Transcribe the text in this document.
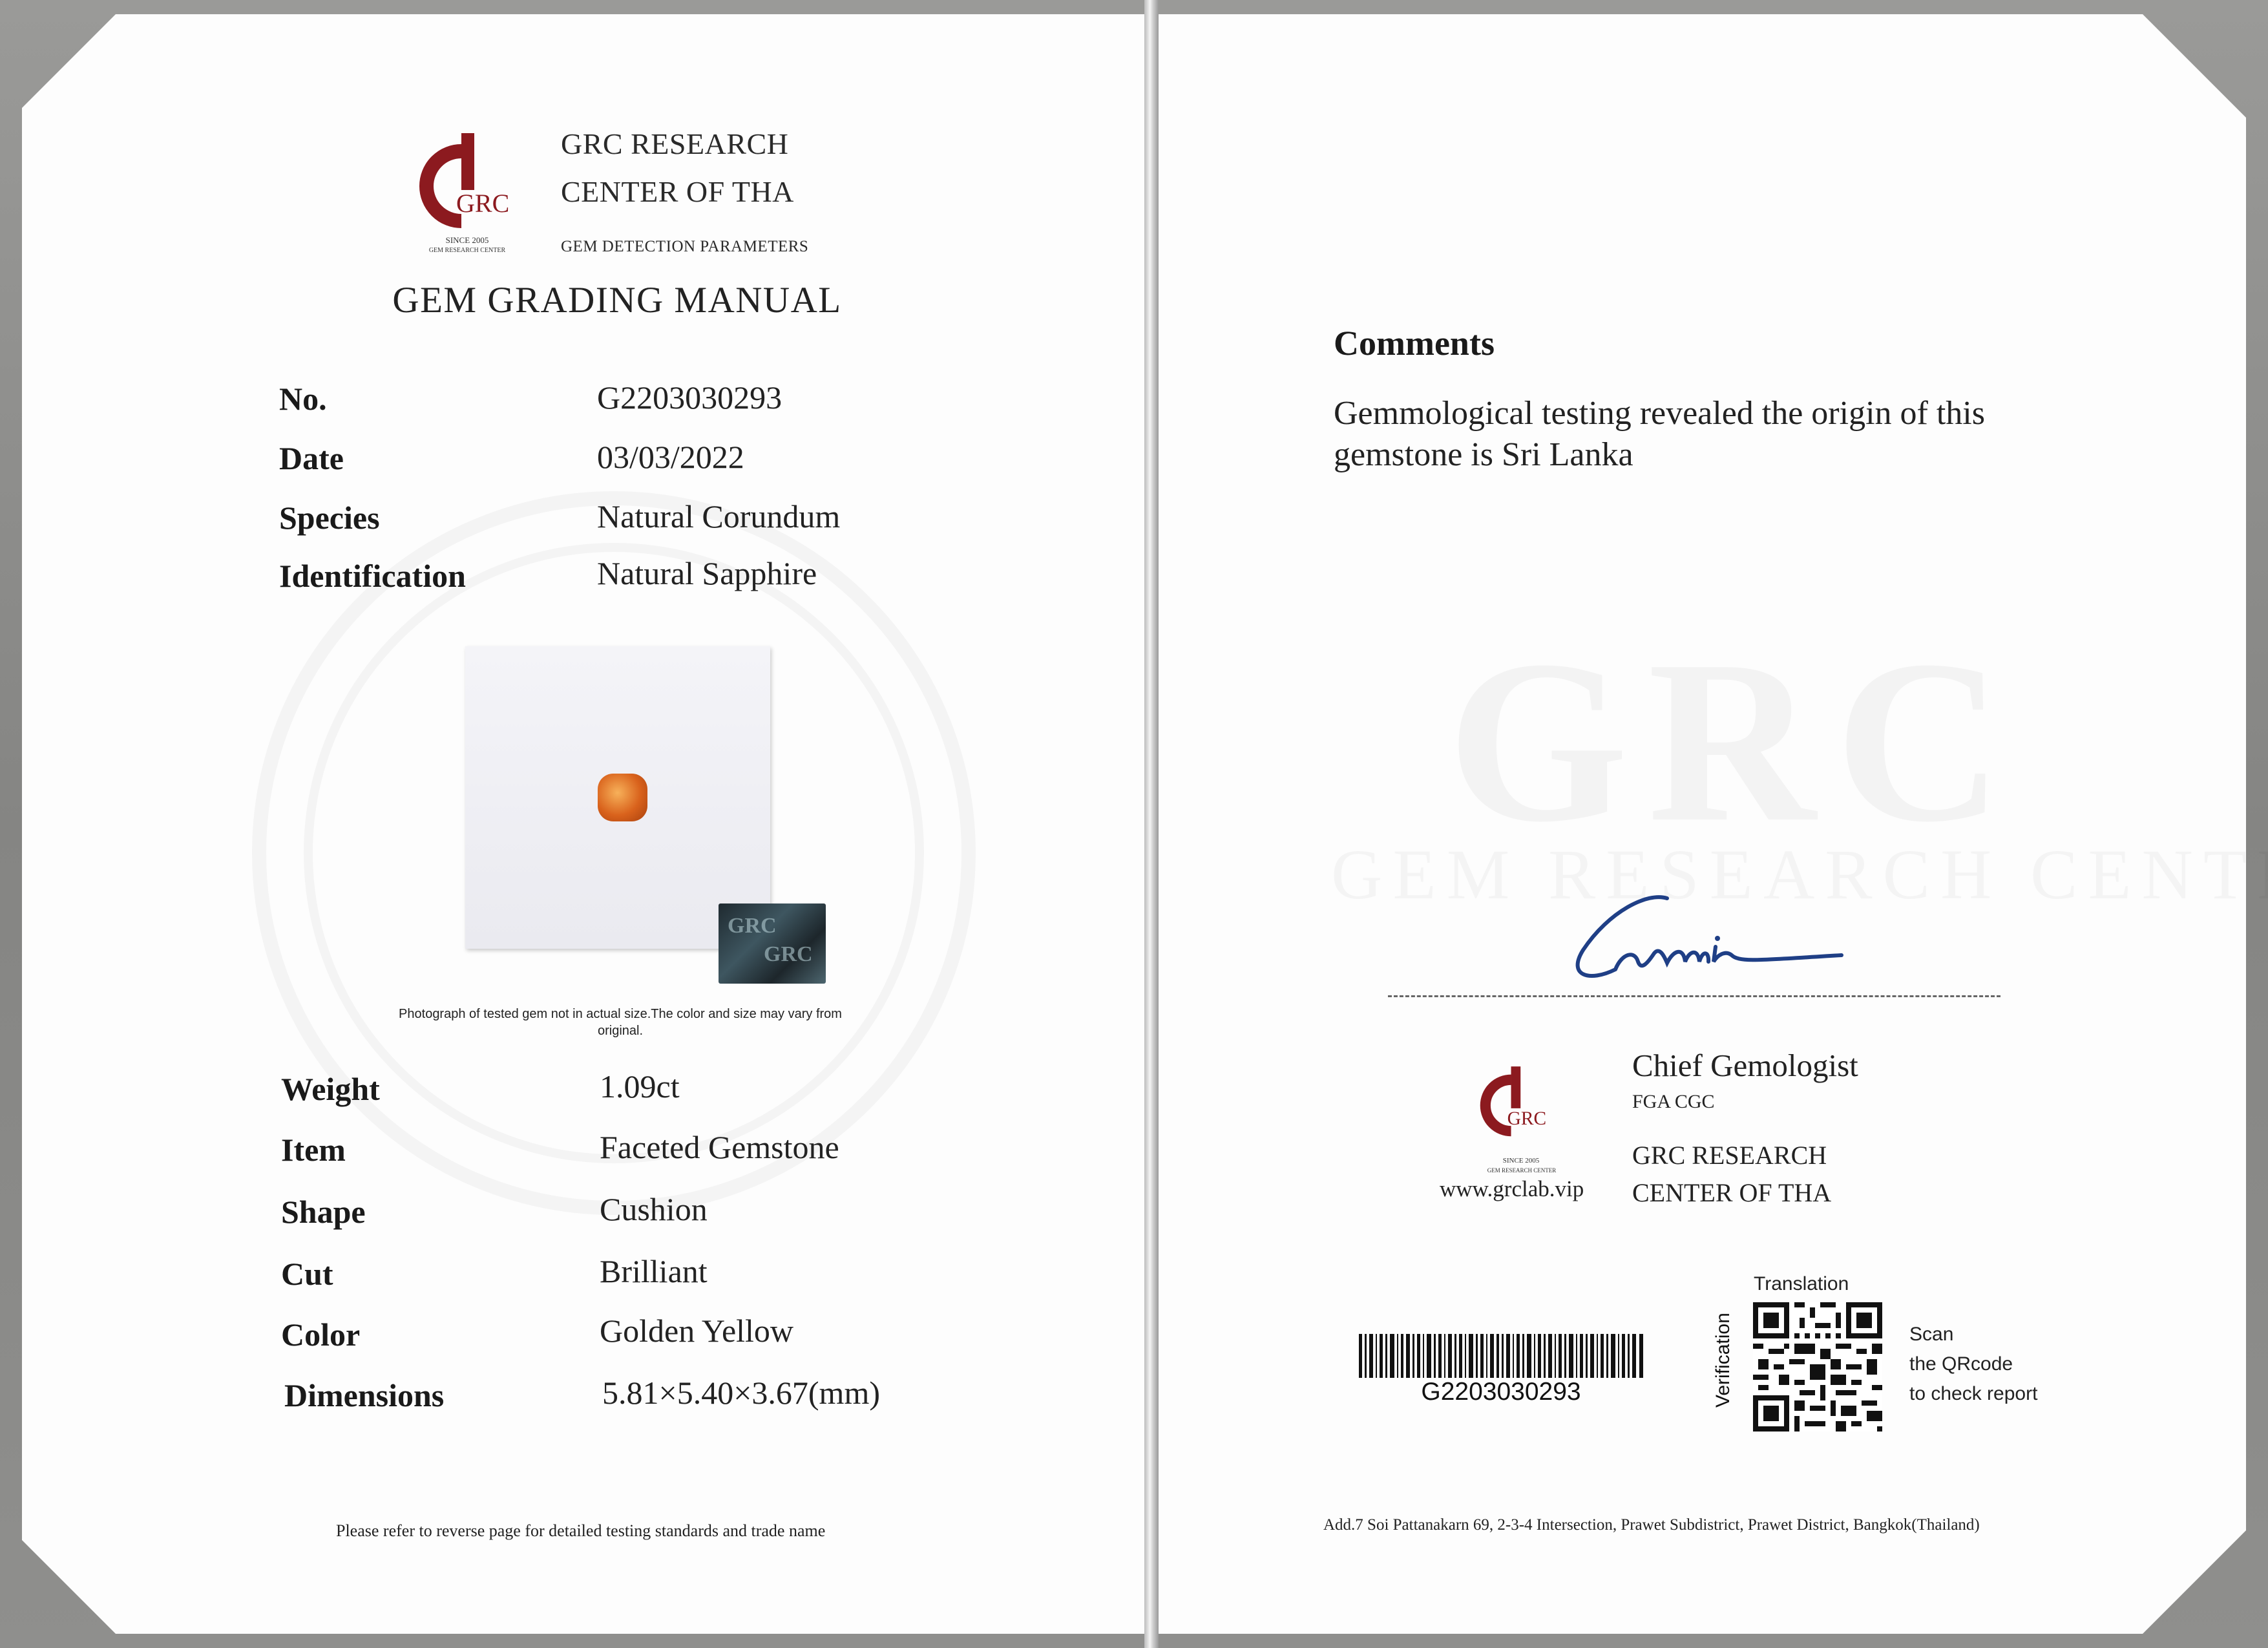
GRC
SINCE 2005
GEM RESEARCH CENTER
GRC RESEARCH
CENTER OF THA
GEM DETECTION PARAMETERS
GEM GRADING MANUAL
No.	G2203030293
Date	03/03/2022
Species	Natural Corundum
Identification	Natural Sapphire
GRC
GRC
Photograph of tested gem not in actual size.The color and size may vary from original.
Weight	1.09ct
Item	Faceted Gemstone
Shape	Cushion
Cut	Brilliant
Color	Golden Yellow
Dimensions	5.81×5.40×3.67(mm)
Please refer to reverse page for detailed testing standards and trade name
Comments
Gemmological testing revealed the origin of this gemstone is Sri Lanka
GRC
SINCE 2005
GEM RESEARCH CENTER
www.grclab.vip
Chief Gemologist
FGA CGC
GRC RESEARCH
CENTER OF THA
G2203030293
Translation
Verification	Scan
the QRcode
to check report
Add.7 Soi Pattanakarn 69, 2-3-4 Intersection, Prawet Subdistrict, Prawet District, Bangkok(Thailand)
